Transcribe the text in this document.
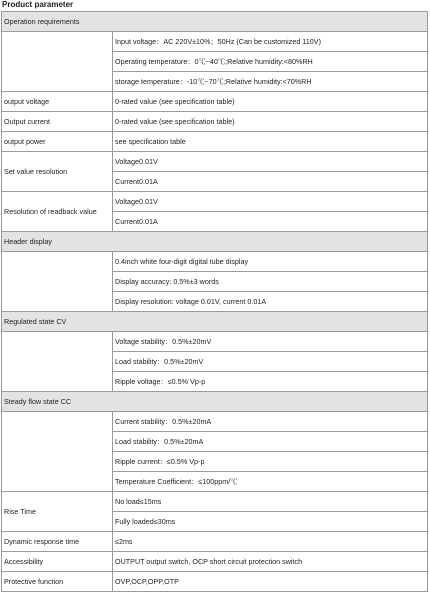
Product parameter
Operation requirements	
	Input voltage：AC 220V±10%；50Hz (Can be customized 110V)
	Operating temperature：0℃~40℃;Relative humidity:<80%RH
	storage temperature：-10℃~70℃;Relative humidity:<70%RH
output voltage	0-rated value (see specification table)
Output current	0-rated value (see specification table)
output power	see specification table
Set value resolution	Voltage0.01V
	Current0.01A
Resolution of readback value	Voltage0.01V
	Current0.01A
Header display	
	0.4inch white four-digit digital tube display
	Display accuracy: 0.5%±3 words
	Display resolution: voltage 0.01V, current 0.01A
Regulated state CV	
	Voltage stability：0.5%±20mV
	Load stability：0.5%±20mV
	Ripple voltage：≤0.5% Vp-p
Steady flow state CC	
	Current stability：0.5%±20mA
	Load stability：0.5%±20mA
	Ripple current：≤0.5% Vp-p
	Temperature Coefficient：≤100ppm/℃
Rise Time	No load≤15ms
	Fully loaded≤30ms
Dynamic response time	≤2ms
Accessibility	OUTPUT output switch, OCP short circuit protection switch
Protective function	OVP,OCP,OPP,OTP
